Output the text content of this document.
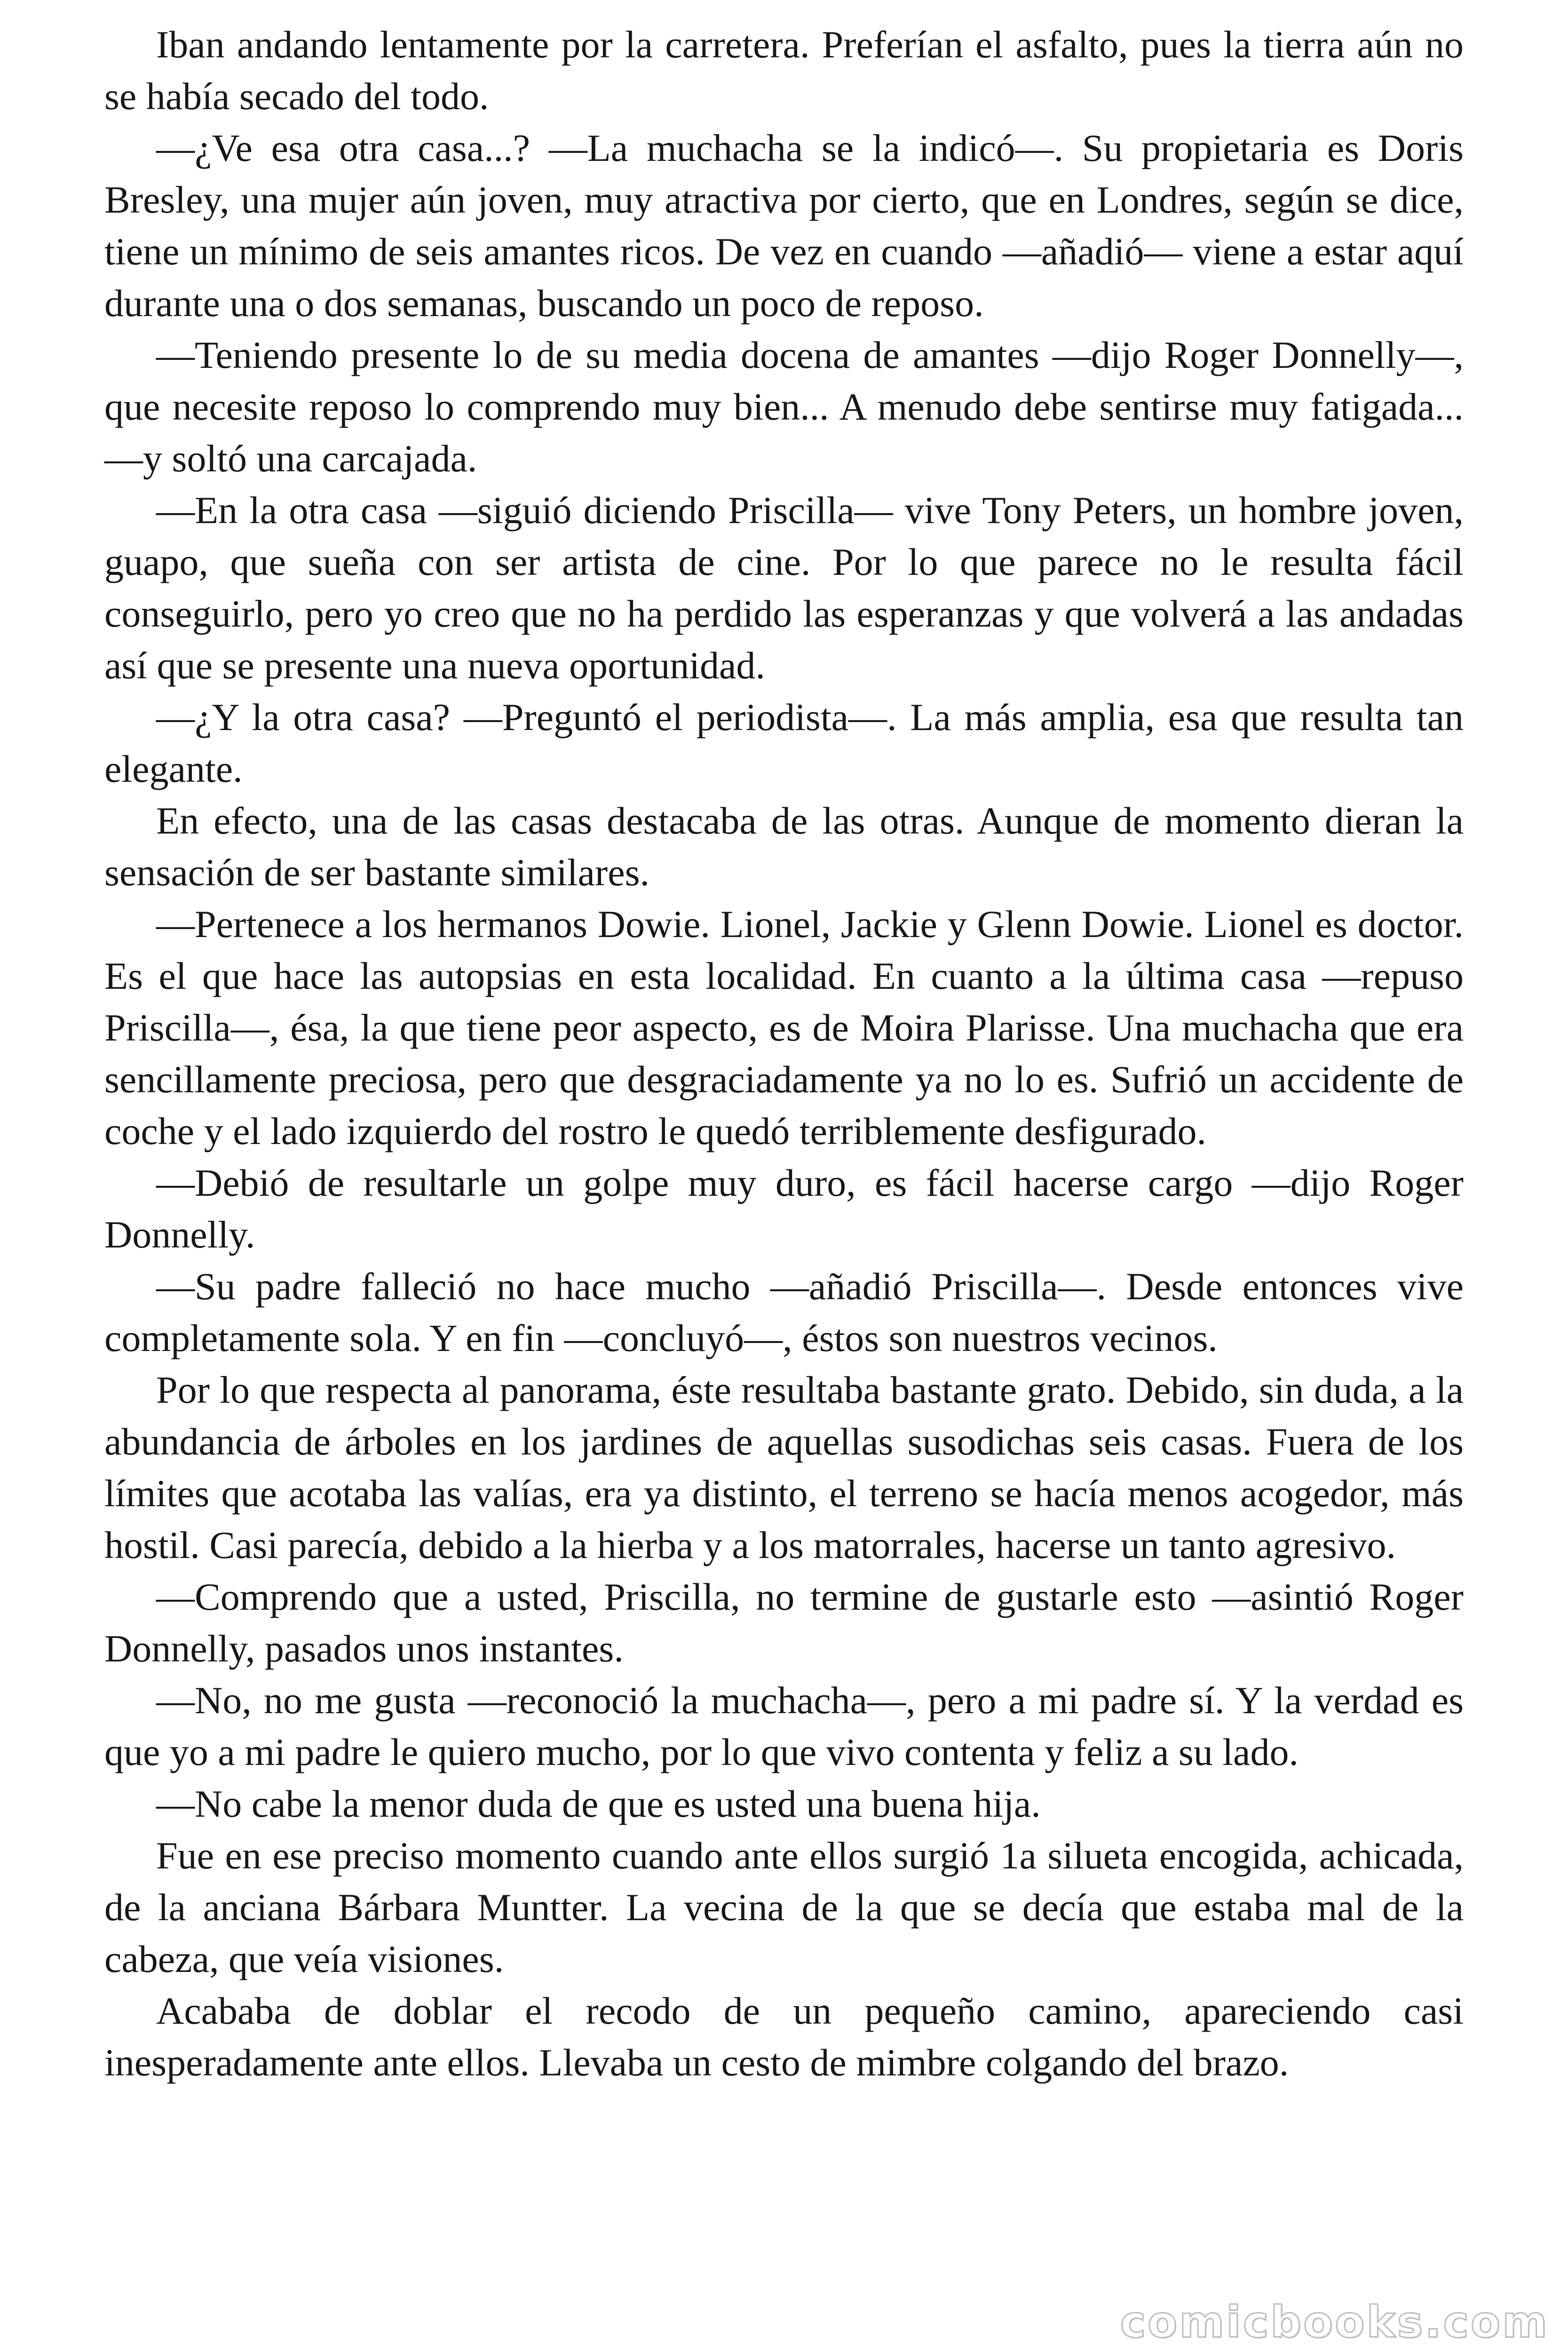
Iban andando lentamente por la carretera. Preferían el asfalto, pues la tierra aún no se había secado del todo.

—¿Ve esa otra casa...? —La muchacha se la indicó—. Su propietaria es Doris Bresley, una mujer aún joven, muy atractiva por cierto, que en Londres, según se dice, tiene un mínimo de seis amantes ricos. De vez en cuando —añadió— viene a estar aquí durante una o dos semanas, buscando un poco de reposo.

—Teniendo presente lo de su media docena de amantes —dijo Roger Donnelly—, que necesite reposo lo comprendo muy bien... A menudo debe sentirse muy fatigada... —y soltó una carcajada.

—En la otra casa —siguió diciendo Priscilla— vive Tony Peters, un hombre joven, guapo, que sueña con ser artista de cine. Por lo que parece no le resulta fácil conseguirlo, pero yo creo que no ha perdido las esperanzas y que volverá a las andadas así que se presente una nueva oportunidad.

—¿Y la otra casa? —Preguntó el periodista—. La más amplia, esa que resulta tan elegante.

En efecto, una de las casas destacaba de las otras. Aunque de momento dieran la sensación de ser bastante similares.

—Pertenece a los hermanos Dowie. Lionel, Jackie y Glenn Dowie. Lionel es doctor. Es el que hace las autopsias en esta localidad. En cuanto a la última casa —repuso Priscilla—, ésa, la que tiene peor aspecto, es de Moira Plarisse. Una muchacha que era sencillamente preciosa, pero que desgraciadamente ya no lo es. Sufrió un accidente de coche y el lado izquierdo del rostro le quedó terriblemente desfigurado.

—Debió de resultarle un golpe muy duro, es fácil hacerse cargo —dijo Roger Donnelly.

—Su padre falleció no hace mucho —añadió Priscilla—. Desde entonces vive completamente sola. Y en fin —concluyó—, éstos son nuestros vecinos.

Por lo que respecta al panorama, éste resultaba bastante grato. Debido, sin duda, a la abundancia de árboles en los jardines de aquellas susodichas seis casas. Fuera de los límites que acotaba las valías, era ya distinto, el terreno se hacía menos acogedor, más hostil. Casi parecía, debido a la hierba y a los matorrales, hacerse un tanto agresivo.

—Comprendo que a usted, Priscilla, no termine de gustarle esto —asintió Roger Donnelly, pasados unos instantes.

—No, no me gusta —reconoció la muchacha—, pero a mi padre sí. Y la verdad es que yo a mi padre le quiero mucho, por lo que vivo contenta y feliz a su lado.

—No cabe la menor duda de que es usted una buena hija.

Fue en ese preciso momento cuando ante ellos surgió 1a silueta encogida, achicada, de la anciana Bárbara Muntter. La vecina de la que se decía que estaba mal de la cabeza, que veía visiones.

Acababa de doblar el recodo de un pequeño camino, apareciendo casi inesperadamente ante ellos. Llevaba un cesto de mimbre colgando del brazo.

comicbooks.com
